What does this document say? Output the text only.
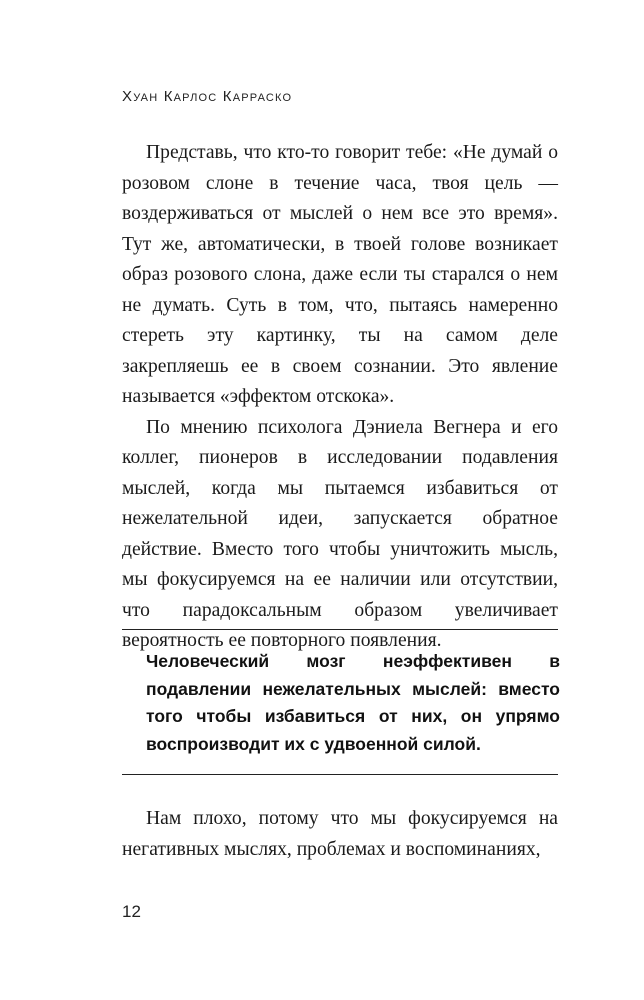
Хуан Карлос Карраско

Представь, что кто-то говорит тебе: «Не думай о розовом слоне в течение часа, твоя цель — воздерживаться от мыслей о нем все это время». Тут же, автоматически, в твоей голове возникает образ розового слона, даже если ты старался о нем не думать. Суть в том, что, пытаясь намеренно стереть эту картинку, ты на самом деле закрепляешь ее в своем сознании. Это явление называется «эффектом отскока».

По мнению психолога Дэниела Вегнера и его коллег, пионеров в исследовании подавления мыслей, когда мы пытаемся избавиться от нежелательной идеи, запускается обратное действие. Вместо того чтобы уничтожить мысль, мы фокусируемся на ее наличии или отсутствии, что парадоксальным образом увеличивает вероятность ее повторного появления.

Человеческий мозг неэффективен в подавлении нежелательных мыслей: вместо того чтобы избавиться от них, он упрямо воспроизводит их с удвоенной силой.

Нам плохо, потому что мы фокусируемся на негативных мыслях, проблемах и воспоминаниях,

12
